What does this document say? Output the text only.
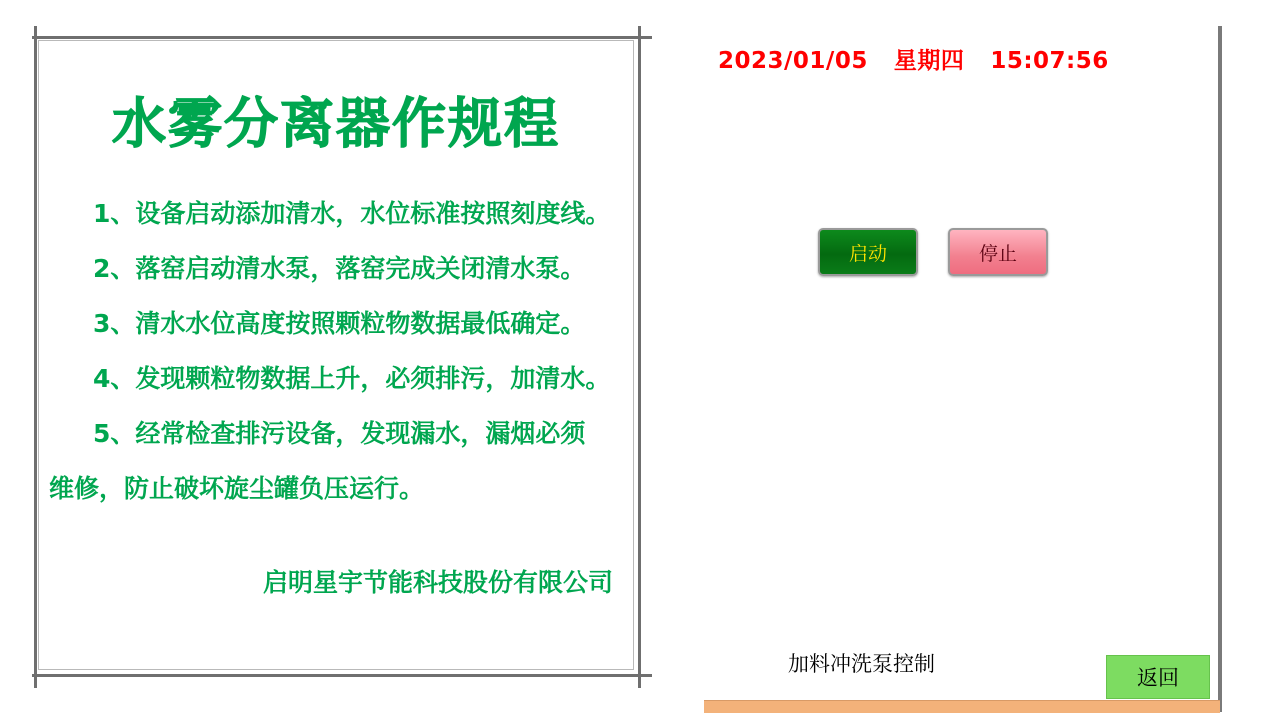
水雾分离器作规程
1、设备启动添加清水，水位标准按照刻度线。
2、落窑启动清水泵，落窑完成关闭清水泵。
3、清水水位高度按照颗粒物数据最低确定。
4、发现颗粒物数据上升，必须排污，加清水。
5、经常检查排污设备，发现漏水，漏烟必须
维修，防止破坏旋尘罐负压运行。
启明星宇节能科技股份有限公司
2023/01/05 星期四 15:07:56
启动	停止
加料冲洗泵控制
返回
